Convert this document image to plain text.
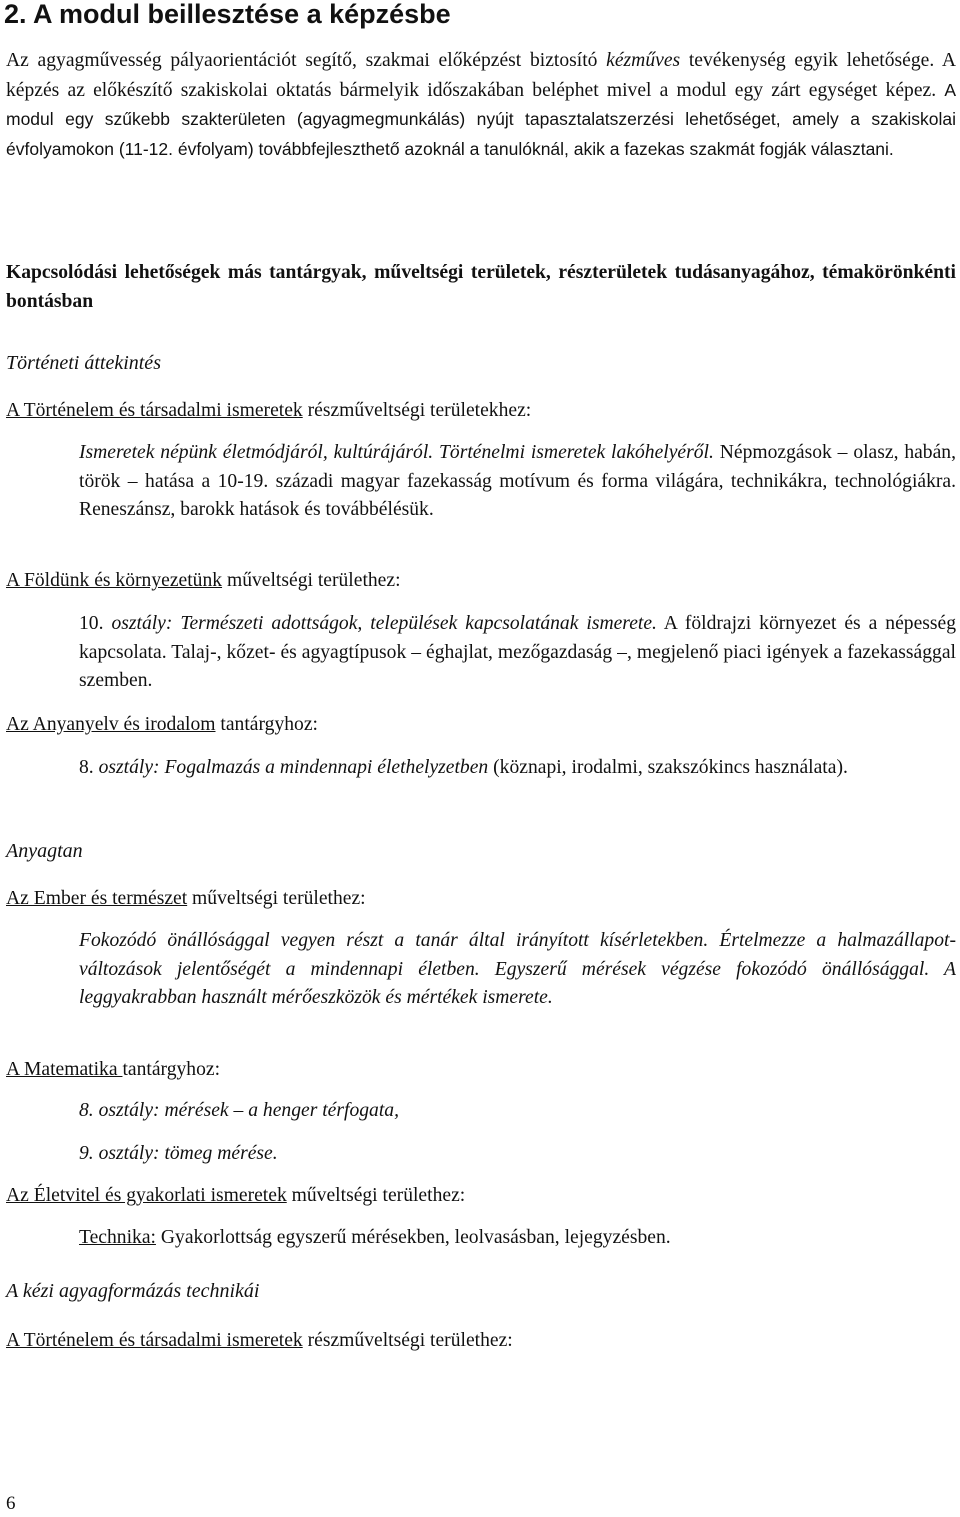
2. A modul beillesztése a képzésbe

Az agyagművesség pályaorientációt segítő, szakmai előképzést biztosító kézműves tevékenység egyik lehetősége. A képzés az előkészítő szakiskolai oktatás bármelyik időszakában beléphet mivel a modul egy zárt egységet képez. A modul egy szűkebb szakterületen (agyagmegmunkálás) nyújt tapasztalatszerzési lehetőséget, amely a szakiskolai évfolyamokon (11-12. évfolyam) továbbfejleszthető azoknál a tanulóknál, akik a fazekas szakmát fogják választani.

Kapcsolódási lehetőségek más tantárgyak, műveltségi területek, részterületek tudásanyagához, témakörönkénti bontásban

Történeti áttekintés
A Történelem és társadalmi ismeretek részműveltségi területekhez:

Ismeretek népünk életmódjáról, kultúrájáról. Történelmi ismeretek lakóhelyéről. Népmozgások – olasz, habán, török – hatása a 10-19. századi magyar fazekasság motívum és forma világára, technikákra, technológiákra. Reneszánsz, barokk hatások és továbbélésük.

A Földünk és környezetünk műveltségi területhez:

10. osztály: Természeti adottságok, települések kapcsolatának ismerete. A földrajzi környezet és a népesség kapcsolata. Talaj-, kőzet- és agyagtípusok – éghajlat, mezőgazdaság –, megjelenő piaci igények a fazekassággal szemben.

Az Anyanyelv és irodalom tantárgyhoz:

8. osztály: Fogalmazás a mindennapi élethelyzetben (köznapi, irodalmi, szakszókincs használata).

Anyagtan
Az Ember és természet műveltségi területhez:

Fokozódó önállósággal vegyen részt a tanár által irányított kísérletekben. Értelmezze a halmazállapot-változások jelentőségét a mindennapi életben. Egyszerű mérések végzése fokozódó önállósággal. A leggyakrabban használt mérőeszközök és mértékek ismerete.

A Matematika tantárgyhoz:
8. osztály: mérések – a henger térfogata,
9. osztály: tömeg mérése.
Az Életvitel és gyakorlati ismeretek műveltségi területhez:
Technika: Gyakorlottság egyszerű mérésekben, leolvasásban, lejegyzésben.
A kézi agyagformázás technikái
A Történelem és társadalmi ismeretek részműveltségi területhez:
6
